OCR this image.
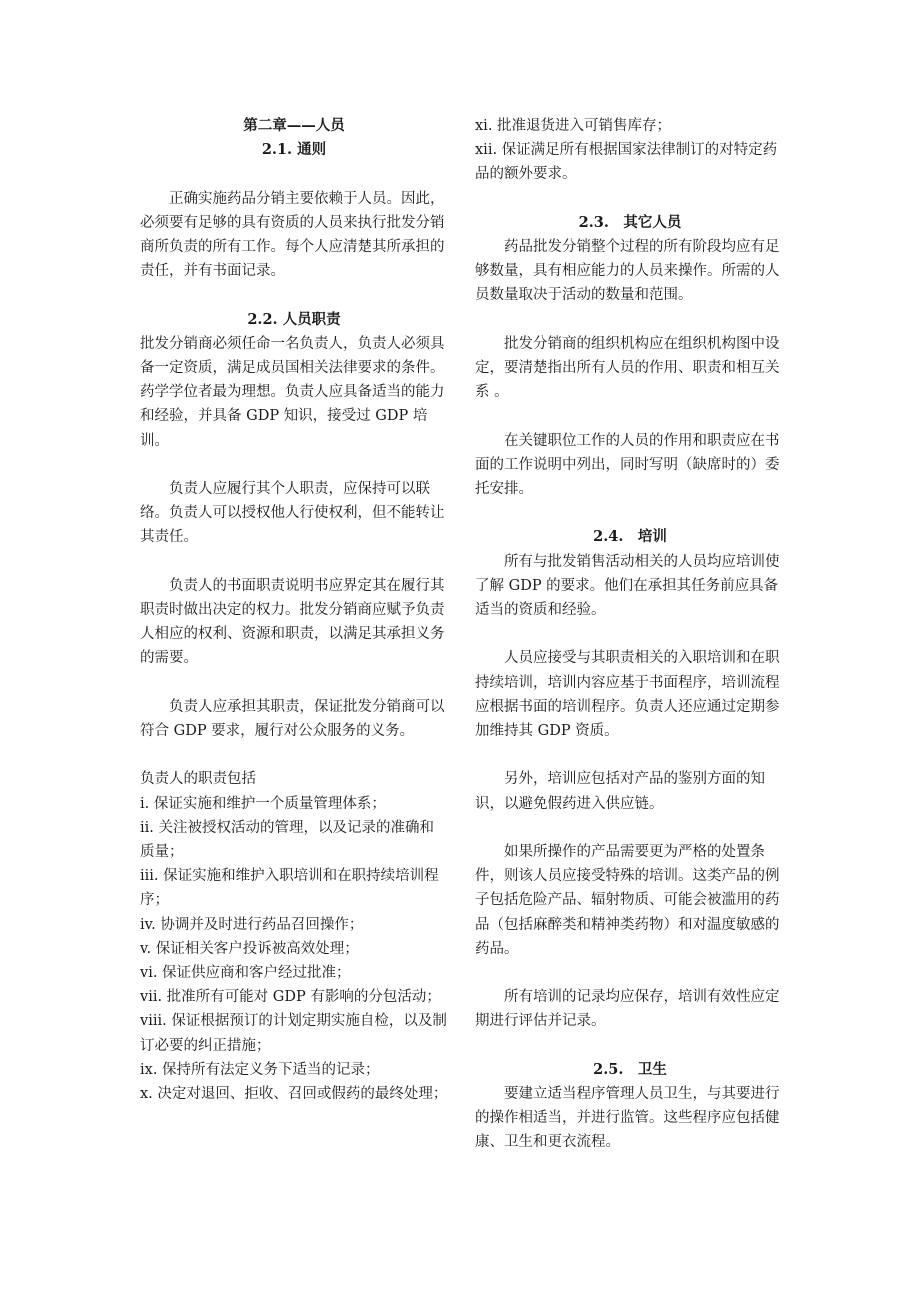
第二章——人员

2.1. 通则

正确实施药品分销主要依赖于人员。因此，必须要有足够的具有资质的人员来执行批发分销商所负责的所有工作。每个人应清楚其所承担的责任，并有书面记录。

2.2. 人员职责

批发分销商必须任命一名负责人，负责人必须具备一定资质，满足成员国相关法律要求的条件。药学学位者最为理想。负责人应具备适当的能力和经验，并具备 GDP 知识，接受过 GDP 培训。

负责人应履行其个人职责，应保持可以联络。负责人可以授权他人行使权利，但不能转让其责任。

负责人的书面职责说明书应界定其在履行其职责时做出决定的权力。批发分销商应赋予负责人相应的权利、资源和职责，以满足其承担义务的需要。

负责人应承担其职责，保证批发分销商可以符合 GDP 要求，履行对公众服务的义务。

负责人的职责包括

i. 保证实施和维护一个质量管理体系；
ii. 关注被授权活动的管理，以及记录的准确和质量；
iii. 保证实施和维护入职培训和在职持续培训程序；
iv. 协调并及时进行药品召回操作；
v. 保证相关客户投诉被高效处理；
vi. 保证供应商和客户经过批准；
vii. 批准所有可能对 GDP 有影响的分包活动；
viii. 保证根据预订的计划定期实施自检，以及制订必要的纠正措施；
ix. 保持所有法定义务下适当的记录；
x. 决定对退回、拒收、召回或假药的最终处理；
xi. 批准退货进入可销售库存；
xii. 保证满足所有根据国家法律制订的对特定药品的额外要求。

2.3.　其它人员

药品批发分销整个过程的所有阶段均应有足够数量，具有相应能力的人员来操作。所需的人员数量取决于活动的数量和范围。

批发分销商的组织机构应在组织机构图中设定，要清楚指出所有人员的作用、职责和相互关系 。

在关键职位工作的人员的作用和职责应在书面的工作说明中列出，同时写明（缺席时的）委托安排。

2.4.　培训

所有与批发销售活动相关的人员均应培训使了解 GDP 的要求。他们在承担其任务前应具备适当的资质和经验。

人员应接受与其职责相关的入职培训和在职持续培训，培训内容应基于书面程序，培训流程应根据书面的培训程序。负责人还应通过定期参加维持其 GDP 资质。

另外，培训应包括对产品的鉴别方面的知识，以避免假药进入供应链。

如果所操作的产品需要更为严格的处置条件，则该人员应接受特殊的培训。这类产品的例子包括危险产品、辐射物质、可能会被滥用的药品（包括麻醉类和精神类药物）和对温度敏感的药品。

所有培训的记录均应保存，培训有效性应定期进行评估并记录。

2.5.　卫生

要建立适当程序管理人员卫生，与其要进行的操作相适当，并进行监管。这些程序应包括健康、卫生和更衣流程。
